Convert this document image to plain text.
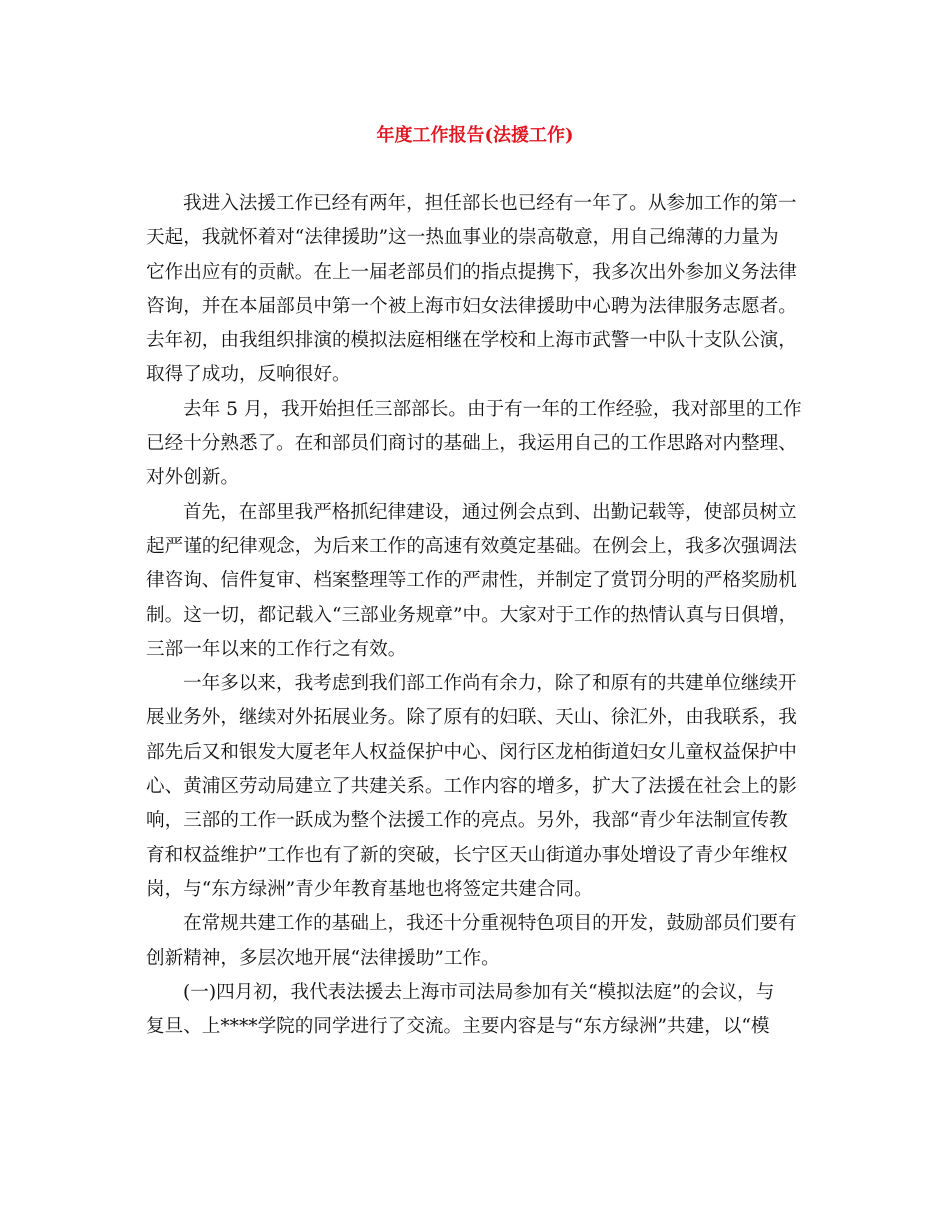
年度工作报告(法援工作)
我进入法援工作已经有两年，担任部长也已经有一年了。从参加工作的第一
天起，我就怀着对“法律援助”这一热血事业的崇高敬意，用自己绵薄的力量为
它作出应有的贡献。在上一届老部员们的指点提携下，我多次出外参加义务法律
咨询，并在本届部员中第一个被上海市妇女法律援助中心聘为法律服务志愿者。
去年初，由我组织排演的模拟法庭相继在学校和上海市武警一中队十支队公演，
取得了成功，反响很好。
去年 5 月，我开始担任三部部长。由于有一年的工作经验，我对部里的工作
已经十分熟悉了。在和部员们商讨的基础上，我运用自己的工作思路对内整理、
对外创新。
首先，在部里我严格抓纪律建设，通过例会点到、出勤记载等，使部员树立
起严谨的纪律观念，为后来工作的高速有效奠定基础。在例会上，我多次强调法
律咨询、信件复审、档案整理等工作的严肃性，并制定了赏罚分明的严格奖励机
制。这一切，都记载入“三部业务规章”中。大家对于工作的热情认真与日俱增，
三部一年以来的工作行之有效。
一年多以来，我考虑到我们部工作尚有余力，除了和原有的共建单位继续开
展业务外，继续对外拓展业务。除了原有的妇联、天山、徐汇外，由我联系，我
部先后又和银发大厦老年人权益保护中心、闵行区龙柏街道妇女儿童权益保护中
心、黄浦区劳动局建立了共建关系。工作内容的增多，扩大了法援在社会上的影
响，三部的工作一跃成为整个法援工作的亮点。另外，我部“青少年法制宣传教
育和权益维护”工作也有了新的突破，长宁区天山街道办事处增设了青少年维权
岗，与“东方绿洲”青少年教育基地也将签定共建合同。
在常规共建工作的基础上，我还十分重视特色项目的开发，鼓励部员们要有
创新精神，多层次地开展“法律援助”工作。
(一)四月初，我代表法援去上海市司法局参加有关“模拟法庭”的会议，与
复旦、上****学院的同学进行了交流。主要内容是与“东方绿洲”共建，以“模
